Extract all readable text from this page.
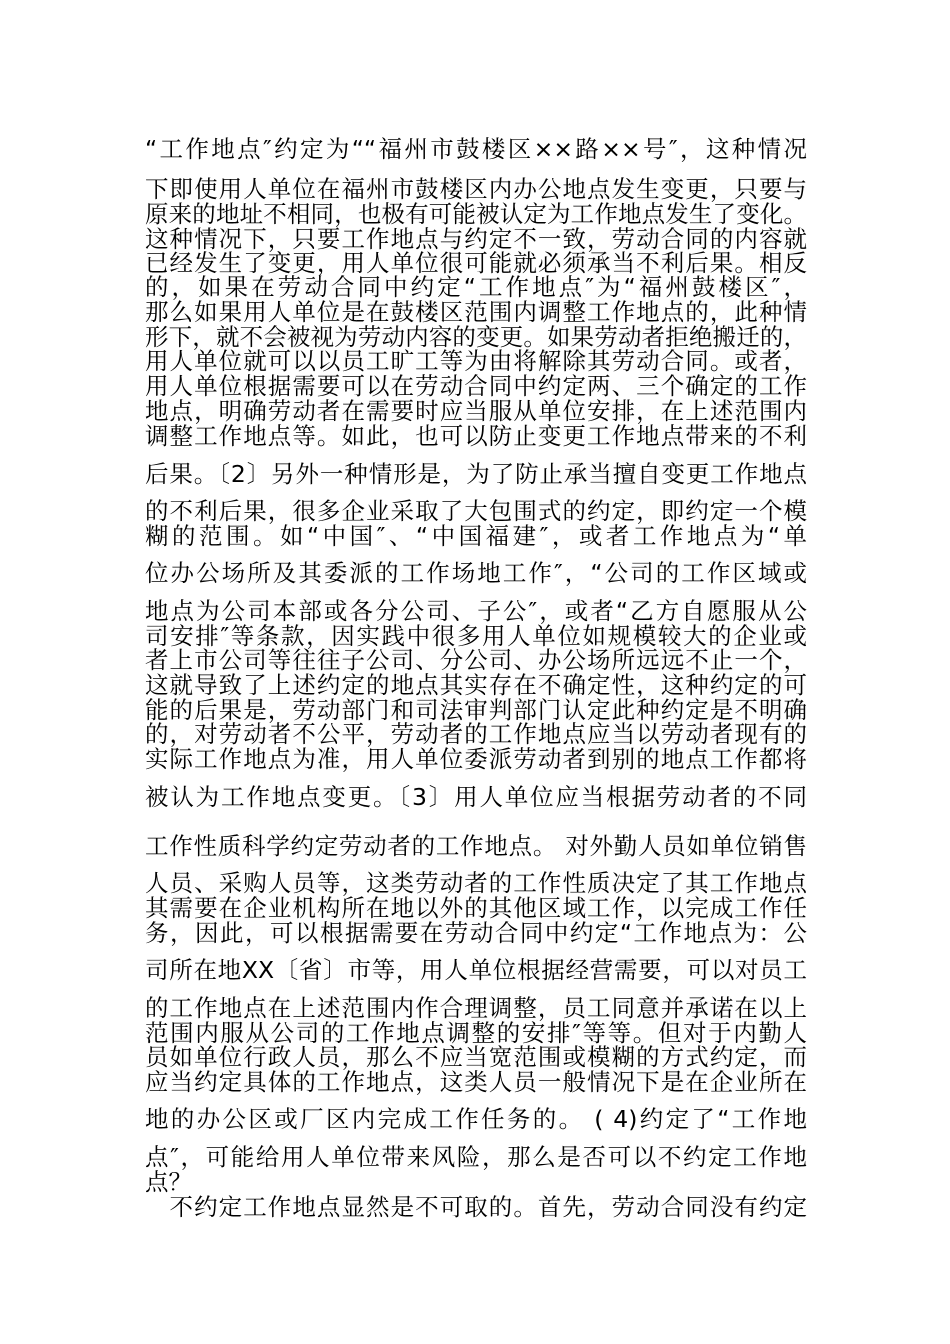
“工作地点″约定为““福州市鼓楼区××路××号″，这种情况
下即使用人单位在福州市鼓楼区内办公地点发生变更，只要与
原来的地址不相同，也极有可能被认定为工作地点发生了变化。
这种情况下，只要工作地点与约定不一致，劳动合同的内容就
已经发生了变更，用人单位很可能就必须承当不利后果。相反
的，如果在劳动合同中约定“工作地点″为“福州鼓楼区″，
那么如果用人单位是在鼓楼区范围内调整工作地点的，此种情
形下，就不会被视为劳动内容的变更。如果劳动者拒绝搬迁的，
用人单位就可以以员工旷工等为由将解除其劳动合同。或者，
用人单位根据需要可以在劳动合同中约定两、三个确定的工作
地点，明确劳动者在需要时应当服从单位安排，在上述范围内
调整工作地点等。如此，也可以防止变更工作地点带来的不利
后果。〔2〕另外一种情形是，为了防止承当擅自变更工作地点
的不利后果，很多企业采取了大包围式的约定，即约定一个模
糊的范围。如“中国″、“中国福建″，或者工作地点为“单
位办公场所及其委派的工作场地工作″，“公司的工作区域或
地点为公司本部或各分公司、子公″，或者“乙方自愿服从公
司安排″等条款，因实践中很多用人单位如规模较大的企业或
者上市公司等往往子公司、分公司、办公场所远远不止一个，
这就导致了上述约定的地点其实存在不确定性，这种约定的可
能的后果是，劳动部门和司法审判部门认定此种约定是不明确
的，对劳动者不公平，劳动者的工作地点应当以劳动者现有的
实际工作地点为准，用人单位委派劳动者到别的地点工作都将
被认为工作地点变更。〔3〕用人单位应当根据劳动者的不同
工作性质科学约定劳动者的工作地点。 对外勤人员如单位销售
人员、采购人员等，这类劳动者的工作性质决定了其工作地点
其需要在企业机构所在地以外的其他区域工作，以完成工作任
务，因此，可以根据需要在劳动合同中约定“工作地点为：公
司所在地XX〔省〕市等，用人单位根据经营需要，可以对员工
的工作地点在上述范围内作合理调整，员工同意并承诺在以上
范围内服从公司的工作地点调整的安排″等等。但对于内勤人
员如单位行政人员，那么不应当宽范围或模糊的方式约定，而
应当约定具体的工作地点，这类人员一般情况下是在企业所在
地的办公区或厂区内完成工作任务的。 ( 4)约定了“工作地
点″，可能给用人单位带来风险，那么是否可以不约定工作地
点？
　不约定工作地点显然是不可取的。首先，劳动合同没有约定
